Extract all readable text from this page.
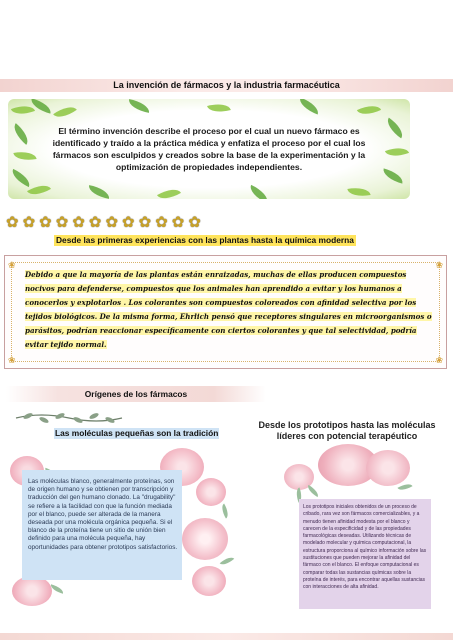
La invención de fármacos y la industria farmacéutica
El término invención describe el proceso por el cual un nuevo fármaco es identificado y traído a la práctica médica y enfatiza el proceso por el cual los fármacos son esculpidos y creados sobre la base de la experimentación y la optimización de propiedades independientes.
✿ ✿ ✿ ✿ ✿ ✿ ✿ ✿ ✿ ✿ ✿ ✿
Desde las primeras experiencias con las plantas hasta la química moderna
❀	❀
❀	❀
Debido a que la mayoría de las plantas están enraizadas, muchas de ellas producen compuestos nocivos para defenderse, compuestos que los animales han aprendido a evitar y los humanos a conocerlos y explotarlos . Los colorantes son compuestos coloreados con afinidad selectiva por los tejidos biológicos. De la misma forma, Ehrlich pensó que receptores singulares en microorganismos o parásitos, podrían reaccionar específicamente con ciertos colorantes y que tal selectividad, podría evitar tejido normal.
Orígenes de los fármacos
Las moléculas pequeñas son la tradición
Desde los prototipos hasta las moléculas líderes con potencial terapéutico

Las moléculas blanco, generalmente proteínas, son de origen humano y se obtienen por transcripción y traducción del gen humano clonado. La "drugability" se refiere a la facilidad con que la función mediada por el blanco, puede ser alterada de la manera deseada por una molécula orgánica pequeña. Si el blanco de la proteína tiene un sitio de unión bien definido para una molécula pequeña, hay oportunidades para obtener prototipos satisfactorios.

Los prototipos iniciales obtenidos de un proceso de cribado, rara vez son fármacos comercializables, y a menudo tienen afinidad modesta por el blanco y carecen de la especificidad y de las propiedades farmacológicas deseadas. Utilizando técnicas de modelado molecular y química computacional, la estructura proporciona al químico información sobre las sustituciones que pueden mejorar la afinidad del fármaco con el blanco. El enfoque computacional es comparar todas las sustancias químicas sobre la proteína de interés, para encontrar aquellas sustancias con interacciones de alta afinidad.
